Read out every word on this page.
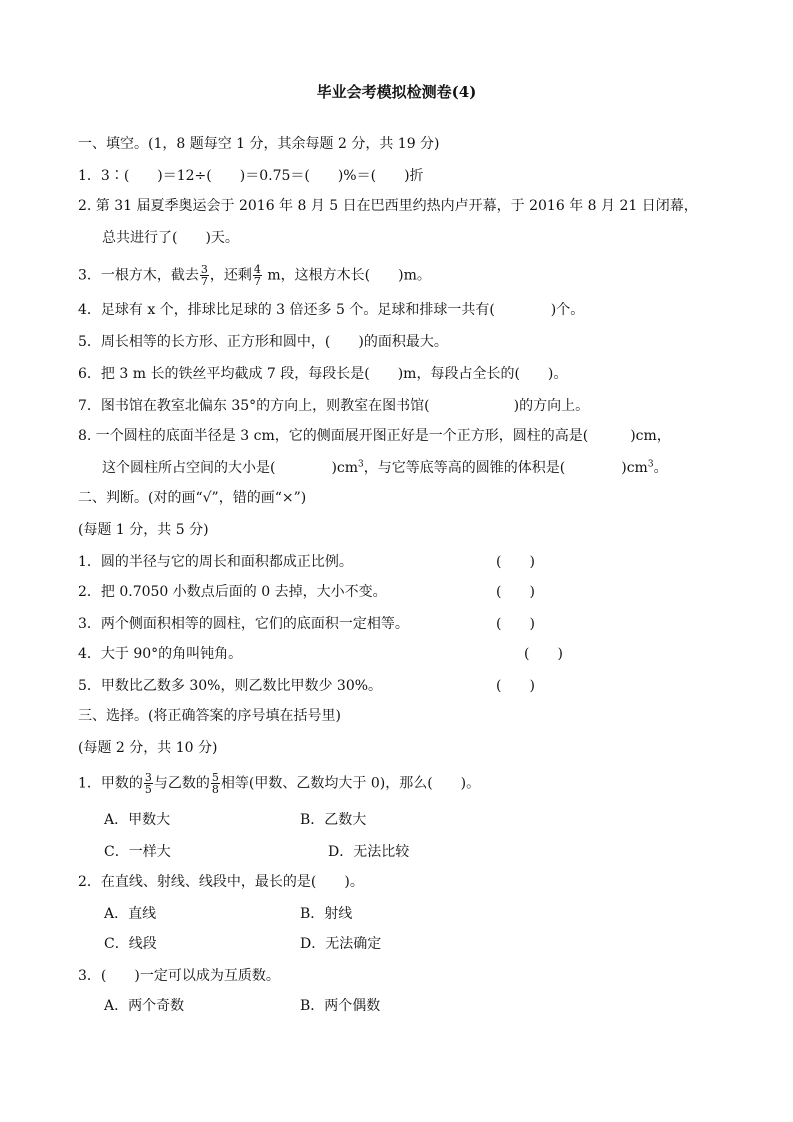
毕业会考模拟检测卷(4)
一、填空。(1，8 题每空 1 分，其余每题 2 分，共 19 分)
1．3∶(　　)＝12÷(　　)＝0.75＝(　　)%＝(　　)折
2. 第 31 届夏季奥运会于 2016 年 8 月 5 日在巴西里约热内卢开幕，于 2016 年 8 月 21 日闭幕，
总共进行了(　　)天。
3．一根方木，截去 $\frac{3}{7}$ ，还剩 $\frac{4}{7}$ m，这根方木长(　　)m。
4．足球有 x 个，排球比足球的 3 倍还多 5 个。足球和排球一共有(　　　　)个。
5．周长相等的长方形、正方形和圆中，(　　)的面积最大。
6．把 3 m 长的铁丝平均截成 7 段，每段长是(　　)m，每段占全长的(　　)。
7．图书馆在教室北偏东 35°的方向上，则教室在图书馆(　　　　　　)的方向上。
8. 一个圆柱的底面半径是 3 cm，它的侧面展开图正好是一个正方形，圆柱的高是(　　　)cm，
这个圆柱所占空间的大小是(　　　　)$cm^3$，与它等底等高的圆锥的体积是(　　　　)$cm^3$。
二、判断。(对的画“√”，错的画“×”)
(每题 1 分，共 5 分)
1．圆的半径与它的周长和面积都成正比例。	(　　)
2．把 0.7050 小数点后面的 0 去掉，大小不变。	(　　)
3．两个侧面积相等的圆柱，它们的底面积一定相等。	(　　)
4．大于 90°的角叫钝角。	(　　)
5．甲数比乙数多 30%，则乙数比甲数少 30%。	(　　)
三、选择。(将正确答案的序号填在括号里)
(每题 2 分，共 10 分)
1．甲数的 $\frac{3}{5}$ 与乙数的 $\frac{5}{8}$ 相等(甲数、乙数均大于 0)，那么(　　)。
A．甲数大	B．乙数大
C．一样大	D．无法比较
2．在直线、射线、线段中，最长的是(　　)。
A．直线	B．射线
C．线段	D．无法确定
3．(　　)一定可以成为互质数。
A．两个奇数	B．两个偶数
